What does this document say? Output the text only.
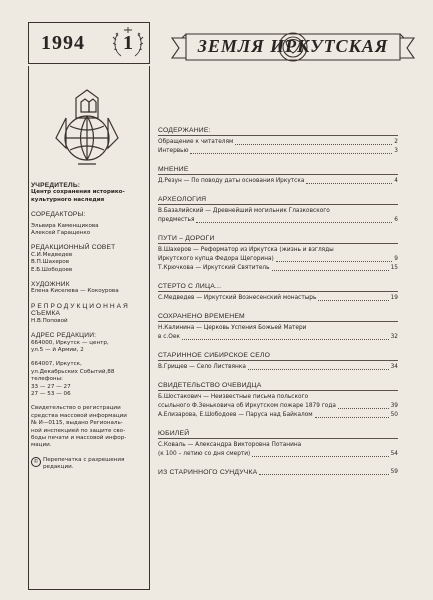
1994	1	ЗЕМЛЯ ИРКУТСКАЯ
УЧРЕДИТЕЛЬ:
Центр сохранения историко-
культурного наследия
СОРЕДАКТОРЫ:
Эльвира Каменщикова
Алексей Гаращенко
РЕДАКЦИОННЫЙ СОВЕТ
С.И.Медведев
В.П.Шахеров
Е.Б.Шободоев
ХУДОЖНИК
Елена Киселева — Кокоурова
РЕПРОДУКЦИОННАЯ
СЪЕМКА
Н.В.Поповой
АДРЕС РЕДАКЦИИ:
664000, Иркутск — центр,
ул.5 — й Армии, 2
664007, Иркутск,
ул.Декабрьских Событий,88
телефоны:
33 — 27 — 27
27 — 53 — 06
Свидетельство о регистрации
средства массовой информации
№ И—0115, выдано Региональ-
ной инспекцией по защите сво-
боды печати и массовой инфор-
мации.
© Перепечатка с разрешения
редакции.
СОДЕРЖАНИЕ:
Обращение к читателям	2
Интервью	3
МНЕНИЕ
Д.Резун — По поводу даты основания Иркутска	4
АРХЕОЛОГИЯ
В.Базалийский — Древнейший могильник Глазковского
предместья	6
ПУТИ – ДОРОГИ
В.Шахеров — Реформатор из Иркутска (жизнь и взгляды
Иркутского купца Федора Щегорина)	9
Т.Крючкова — Иркутский Святитель	15
СТЕРТО С ЛИЦА...
С.Медведев — Иркутский Вознесенский монастырь	19
СОХРАНЕНО ВРЕМЕНЕМ
Н.Калинина — Церковь Успения Божьей Матери
в с.Оек	32
СТАРИННОЕ СИБИРСКОЕ СЕЛО
В.Грищев — Село Листвянка	34
СВИДЕТЕЛЬСТВО ОЧЕВИДЦА
Б.Шостакович — Неизвестные письма польского
ссыльного Ф.Зеньковича об Иркутском пожаре 1879 года	39
А.Елизарова, Е.Шободоев — Паруса над Байкалом	50
ЮБИЛЕЙ
С.Коваль — Александра Викторовна Потанина
(к 100 – летию со дня смерти)	54
ИЗ СТАРИННОГО СУНДУЧКА	59
